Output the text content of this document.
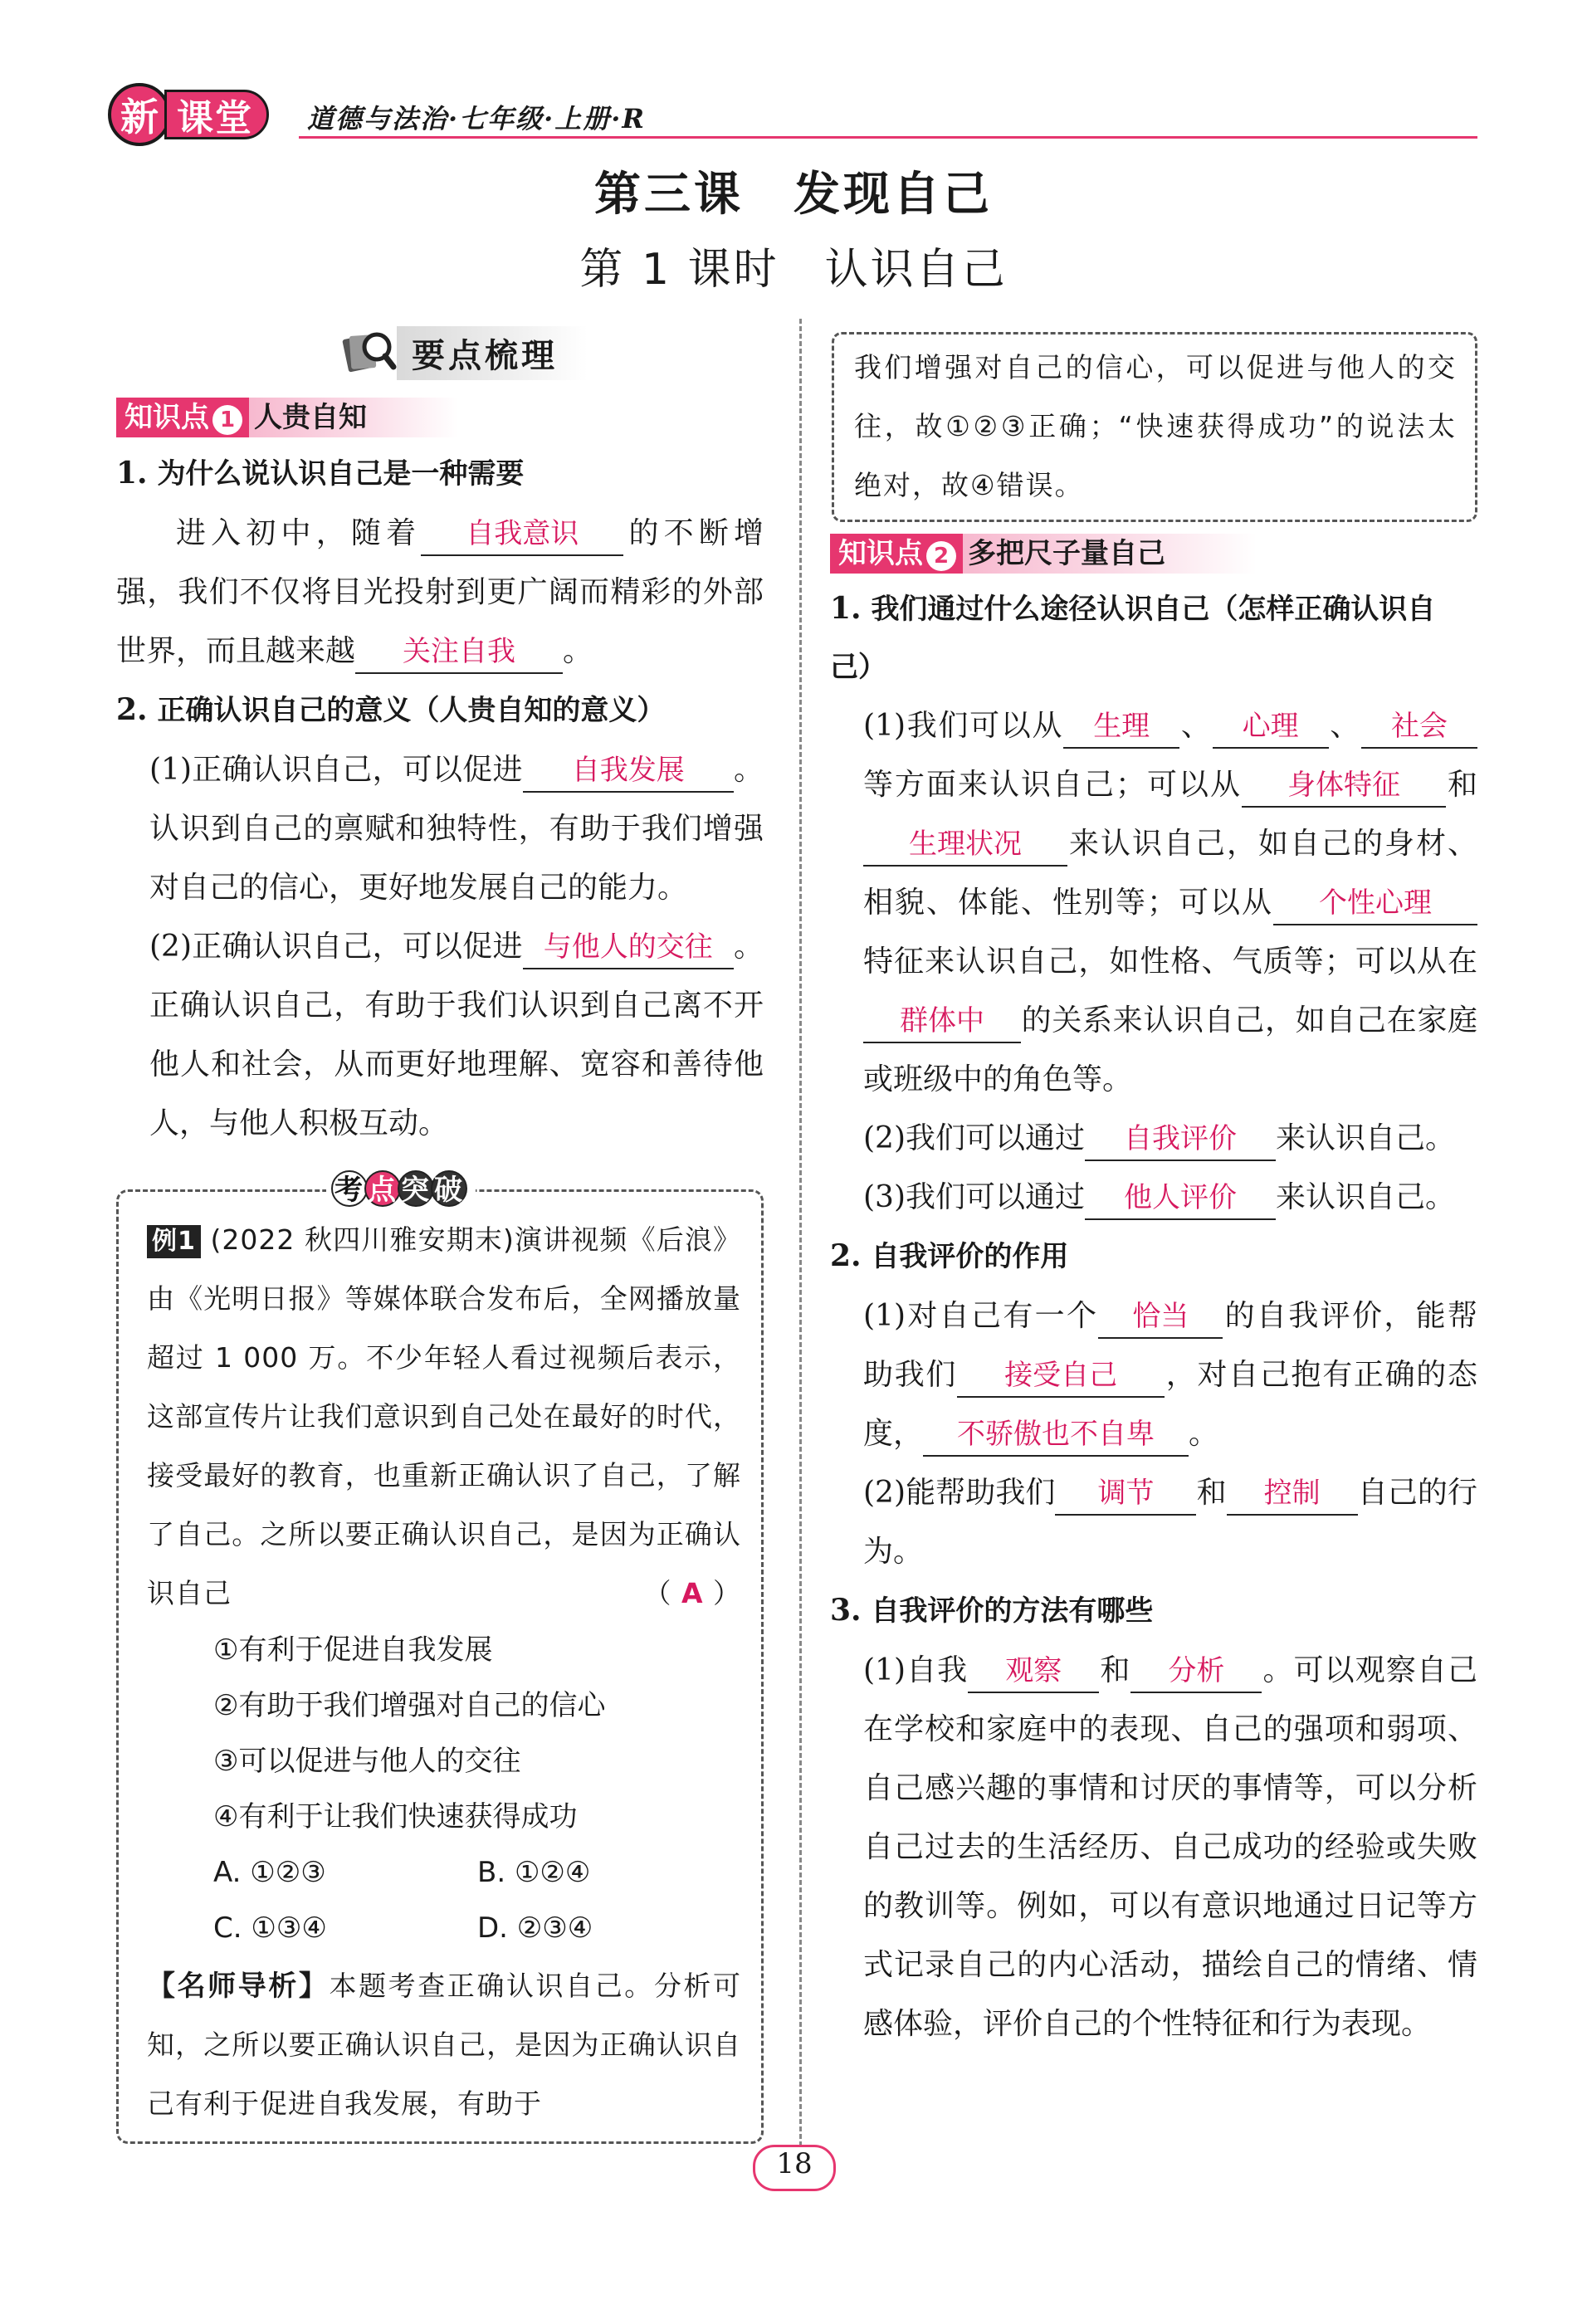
新 课堂	道德与法治·七年级·上册·R
第三课　发现自己
第 1 课时　认识自己
要点梳理
知识点 1 人贵自知
1. 为什么说认识自己是一种需要
进入初中，随着 自我意识 的不断增强，我们不仅将目光投射到更广阔而精彩的外部世界，而且越来越 关注自我 。
2. 正确认识自己的意义（人贵自知的意义）
(1)正确认识自己，可以促进 自我发展 。认识到自己的禀赋和独特性，有助于我们增强对自己的信心，更好地发展自己的能力。
(2)正确认识自己，可以促进 与他人的交往 。正确认识自己，有助于我们认识到自己离不开他人和社会，从而更好地理解、宽容和善待他人，与他人积极互动。
考 点 突 破
例1 (2022 秋四川雅安期末)演讲视频《后浪》由《光明日报》等媒体联合发布后，全网播放量超过 1 000 万。不少年轻人看过视频后表示，这部宣传片让我们意识到自己处在最好的时代，接受最好的教育，也重新正确认识了自己，了解了自己。之所以要正确认识自己，是因为正确认识自己	（ A ）
①有利于促进自我发展
②有助于我们增强对自己的信心
③可以促进与他人的交往
④有利于让我们快速获得成功
A. ①②③	B. ①②④
C. ①③④	D. ②③④
【名师导析】本题考查正确认识自己。分析可知，之所以要正确认识自己，是因为正确认识自己有利于促进自我发展，有助于
我们增强对自己的信心，可以促进与他人的交往，故①②③正确；“快速获得成功”的说法太绝对，故④错误。
知识点 2 多把尺子量自己
1. 我们通过什么途径认识自己（怎样正确认识自己）
(1)我们可以从 生理 、 心理 、 社会等方面来认识自己；可以从 身体特征 和生理状况 来认识自己，如自己的身材、相貌、体能、性别等；可以从 个性心理特征来认识自己，如性格、气质等；可以从在群体中 的关系来认识自己，如自己在家庭或班级中的角色等。
(2)我们可以通过 自我评价 来认识自己。
(3)我们可以通过 他人评价 来认识自己。
2. 自我评价的作用
(1)对自己有一个 恰当 的自我评价，能帮助我们 接受自己 ，对自己抱有正确的态度， 不骄傲也不自卑 。
(2)能帮助我们 调节 和 控制 自己的行为。
3. 自我评价的方法有哪些
(1)自我 观察 和 分析 。可以观察自己在学校和家庭中的表现、自己的强项和弱项、自己感兴趣的事情和讨厌的事情等，可以分析自己过去的生活经历、自己成功的经验或失败的教训等。例如，可以有意识地通过日记等方式记录自己的内心活动，描绘自己的情绪、情感体验，评价自己的个性特征和行为表现。
18
